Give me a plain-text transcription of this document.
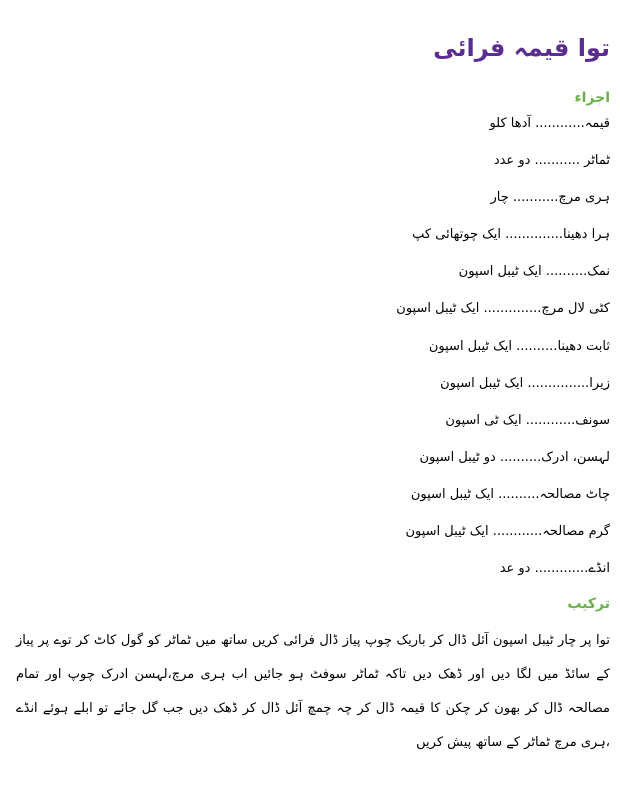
توا قیمہ فرائی
اجزاء
قیمہ............ آدھا کلو
ٹماٹر ........... دو عدد
ہری مرچ........... چار
ہرا دھینا.............. ایک چوتھائی کپ
نمک.......... ایک ٹیبل اسپون
کٹی لال مرچ.............. ایک ٹیبل اسپون
ثابت دھینا.......... ایک ٹیبل اسپون
زیرا............... ایک ٹیبل اسپون
سونف............ ایک ٹی اسپون
لہسن، ادرک.......... دو ٹیبل اسپون
چاٹ مصالحہ.......... ایک ٹیبل اسپون
گرم مصالحہ............ ایک ٹیبل اسپون
انڈے............. دو عد
ترکیب

توا پر چار ٹیبل اسپون آئل ڈال کر باریک چوپ پیاز ڈال فرائی کریں ساتھ میں ٹماٹر کو گول کاٹ کر توے پر پیاز کے سائڈ میں لگا دیں اور ڈھک دیں تاکہ ٹماٹر سوفٹ ہو جائیں اب ہری مرچ،لہسن ادرک چوپ اور تمام مصالحہ ڈال کر بھون کر چکن کا قیمہ ڈال کر چہ چمچ آئل ڈال کر ڈھک دیں جب گل جائے تو ابلے ہوئے انڈے ،ہری مرچ ٹماٹر کے ساتھ پیش کریں
